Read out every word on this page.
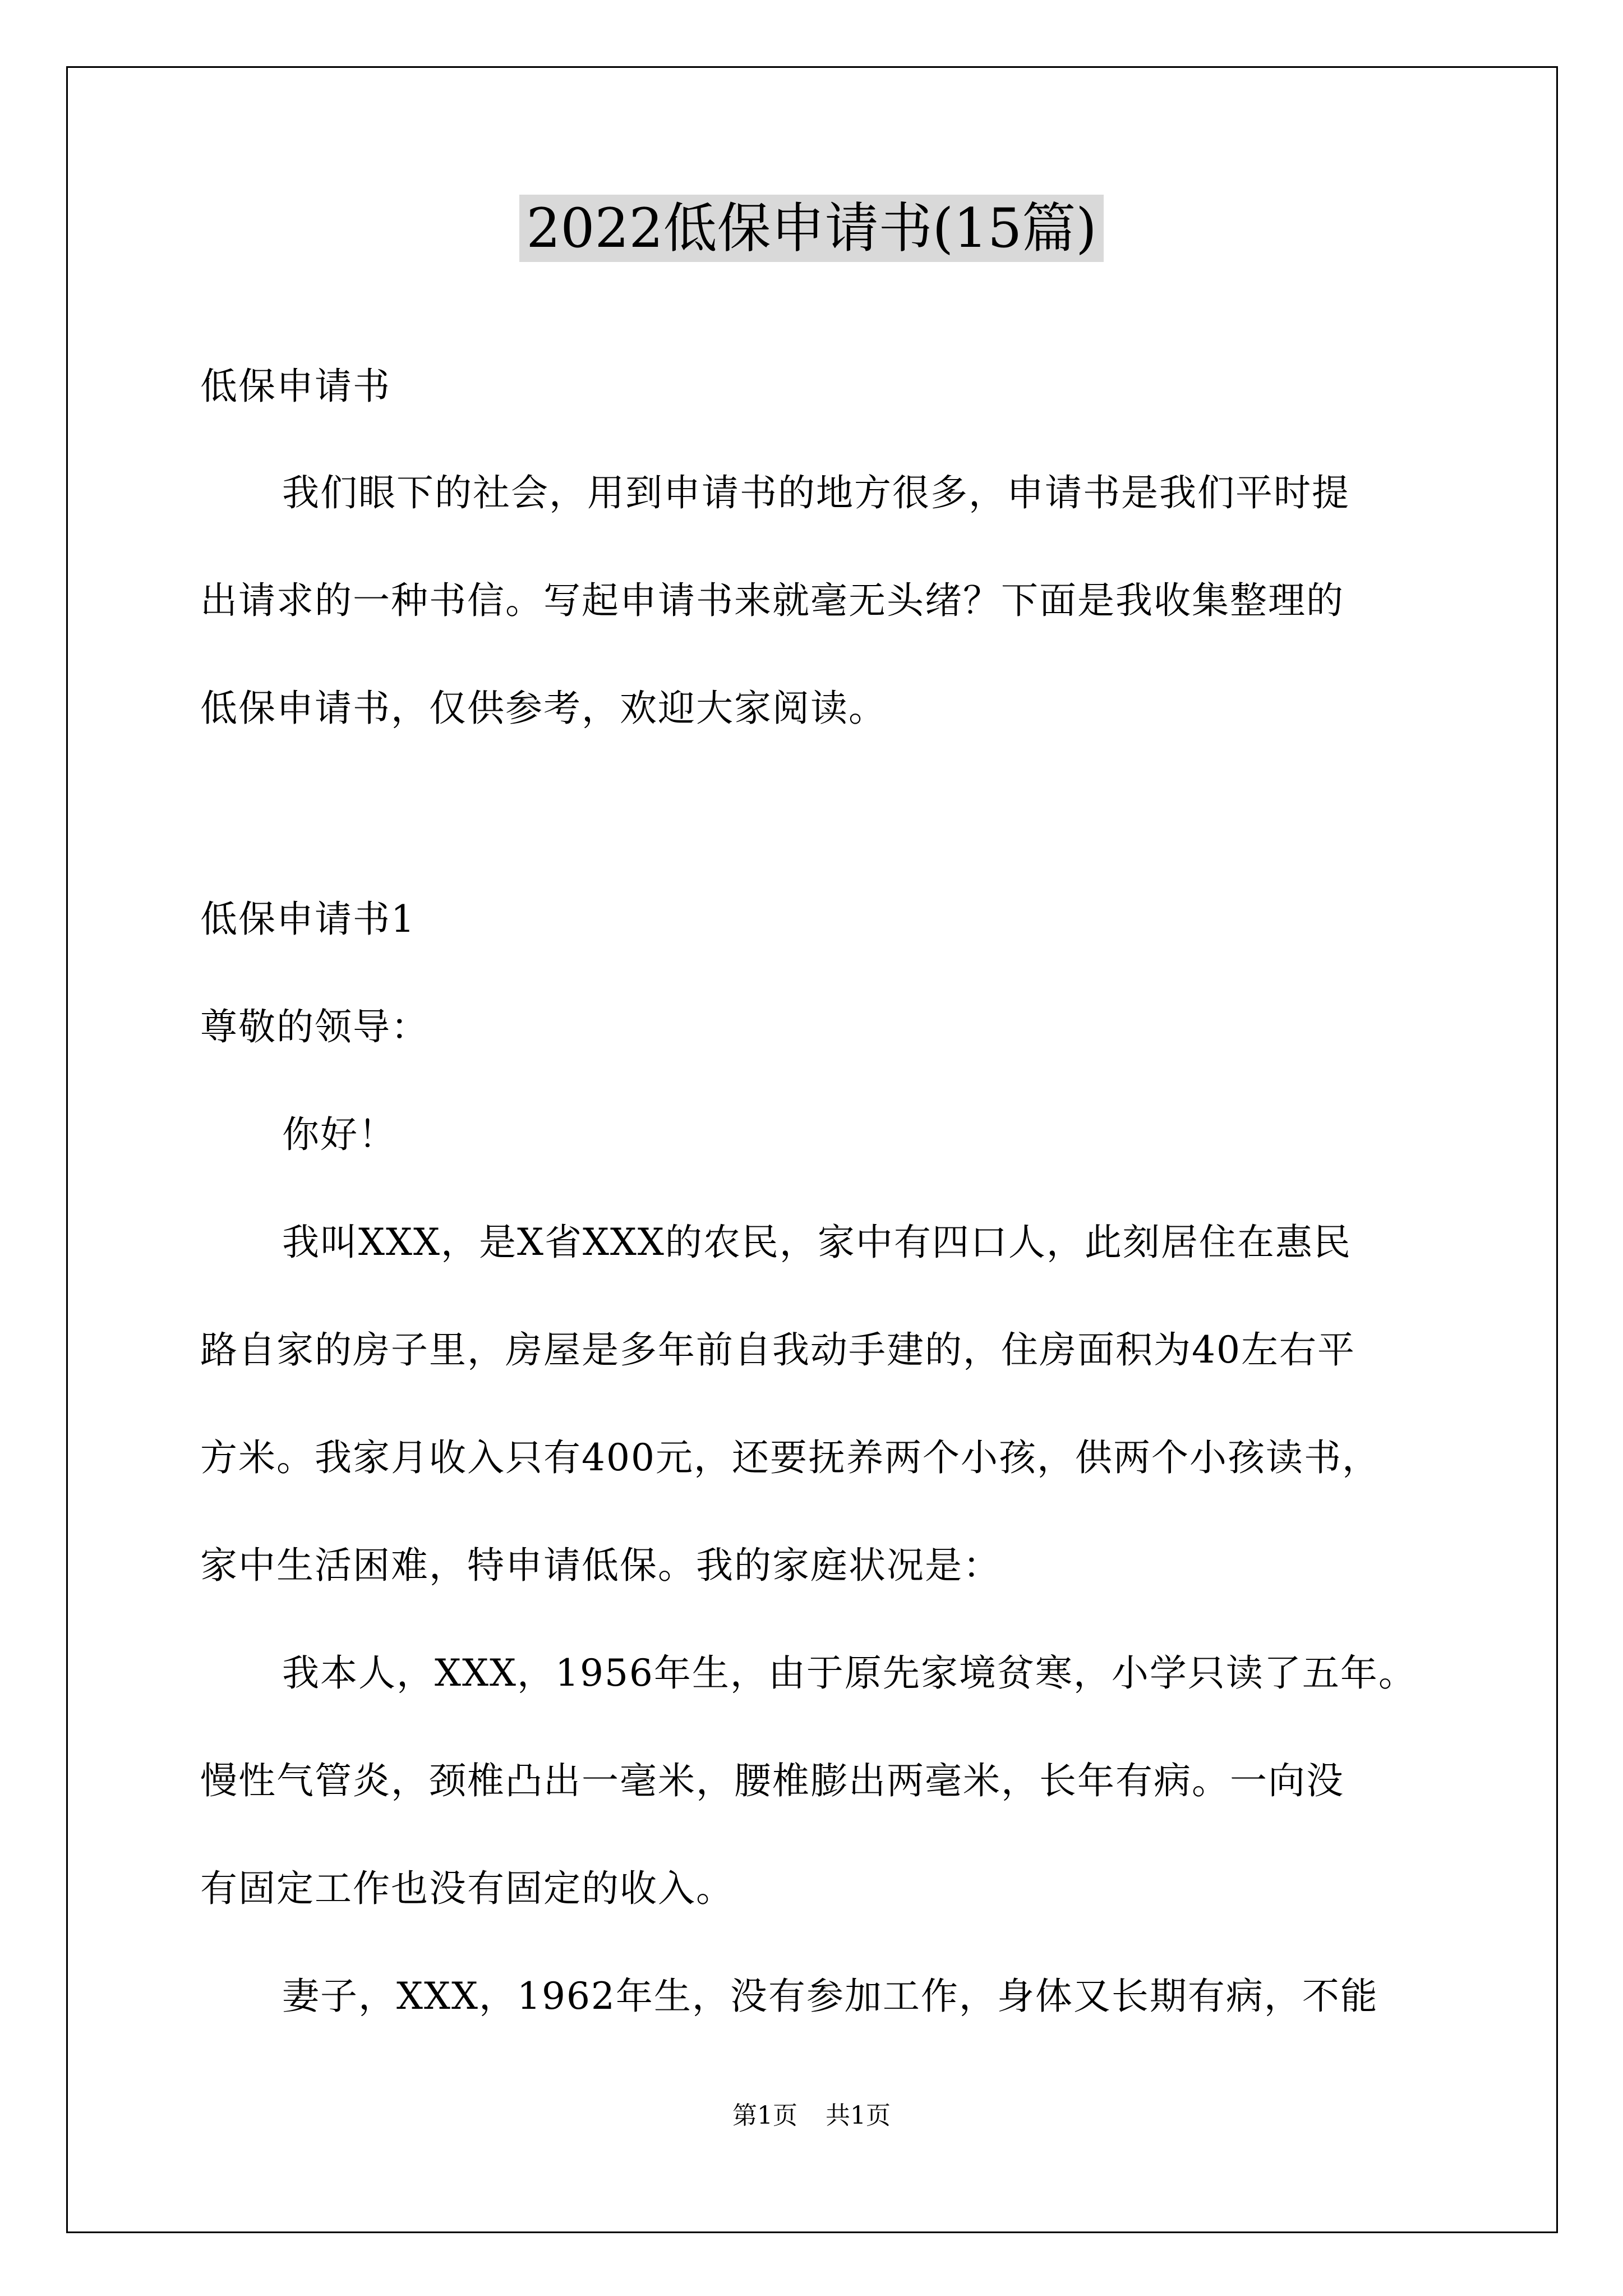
2022低保申请书(15篇)
低保申请书
我们眼下的社会，用到申请书的地方很多，申请书是我们平时提
出请求的一种书信。写起申请书来就毫无头绪？下面是我收集整理的
低保申请书，仅供参考，欢迎大家阅读。
低保申请书1
尊敬的领导：
你好！
我叫XXX，是X省XXX的农民，家中有四口人，此刻居住在惠民
路自家的房子里，房屋是多年前自我动手建的，住房面积为40左右平
方米。我家月收入只有400元，还要抚养两个小孩，供两个小孩读书，
家中生活困难，特申请低保。我的家庭状况是：
我本人，XXX，1956年生，由于原先家境贫寒，小学只读了五年。
慢性气管炎，颈椎凸出一毫米，腰椎膨出两毫米，长年有病。一向没
有固定工作也没有固定的收入。
妻子，XXX，1962年生，没有参加工作，身体又长期有病，不能
第1页 共1页
